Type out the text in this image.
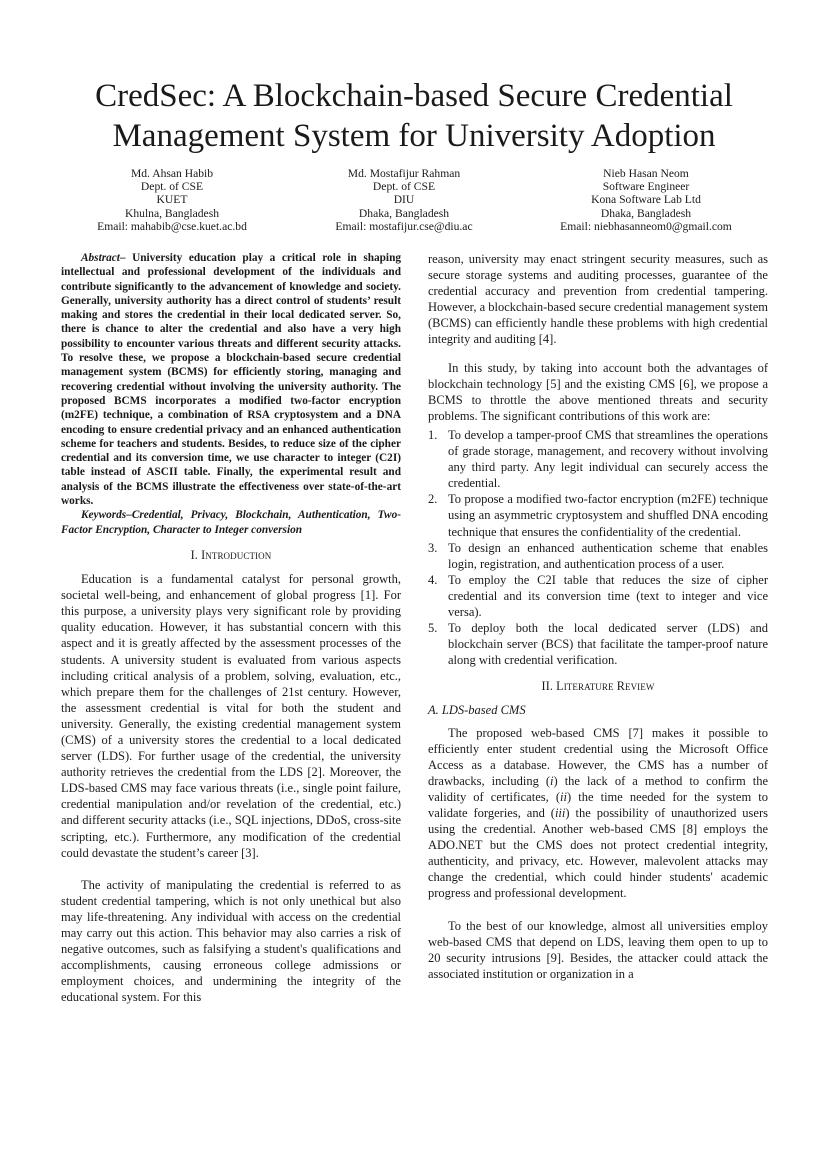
CredSec: A Blockchain-based Secure Credential
Management System for University Adoption
Md. Ahsan Habib
Dept. of CSE
KUET
Khulna, Bangladesh
Email: mahabib@cse.kuet.ac.bd
Md. Mostafijur Rahman
Dept. of CSE
DIU
Dhaka, Bangladesh
Email: mostafijur.cse@diu.ac
Nieb Hasan Neom
Software Engineer
Kona Software Lab Ltd
Dhaka, Bangladesh
Email: niebhasanneom0@gmail.com

Abstract– University education play a critical role in shaping intellectual and professional development of the individuals and contribute significantly to the advancement of knowledge and society. Generally, university authority has a direct control of students’ result making and stores the credential in their local dedicated server. So, there is chance to alter the credential and also have a very high possibility to encounter various threats and different security attacks. To resolve these, we propose a blockchain-based secure credential management system (BCMS) for efficiently storing, managing and recovering credential without involving the university authority. The proposed BCMS incorporates a modified two-factor encryption (m2FE) technique, a combination of RSA cryptosystem and a DNA encoding to ensure credential privacy and an enhanced authentication scheme for teachers and students. Besides, to reduce size of the cipher credential and its conversion time, we use character to integer (C2I) table instead of ASCII table. Finally, the experimental result and analysis of the BCMS illustrate the effectiveness over state-of-the-art works.

Keywords–Credential, Privacy, Blockchain, Authentication, Two-Factor Encryption, Character to Integer conversion

I. Introduction

Education is a fundamental catalyst for personal growth, societal well-being, and enhancement of global progress [1]. For this purpose, a university plays very significant role by providing quality education. However, it has substantial concern with this aspect and it is greatly affected by the assessment processes of the students. A university student is evaluated from various aspects including critical analysis of a problem, solving, evaluation, etc., which prepare them for the challenges of 21st century. However, the assessment credential is vital for both the student and university. Generally, the existing credential management system (CMS) of a university stores the credential to a local dedicated server (LDS). For further usage of the credential, the university authority retrieves the credential from the LDS [2]. Moreover, the LDS-based CMS may face various threats (i.e., single point failure, credential manipulation and/or revelation of the credential, etc.) and different security attacks (i.e., SQL injections, DDoS, cross-site scripting, etc.). Furthermore, any modification of the credential could devastate the student’s career [3].

The activity of manipulating the credential is referred to as student credential tampering, which is not only unethical but also may life-threatening. Any individual with access on the credential may carry out this action. This behavior may also carries a risk of negative outcomes, such as falsifying a student's qualifications and accomplishments, causing erroneous college admissions or employment choices, and undermining the integrity of the educational system. For this

reason, university may enact stringent security measures, such as secure storage systems and auditing processes, guarantee of the credential accuracy and prevention from credential tampering. However, a blockchain-based secure credential management system (BCMS) can efficiently handle these problems with high credential integrity and auditing [4].

In this study, by taking into account both the advantages of blockchain technology [5] and the existing CMS [6], we propose a BCMS to throttle the above mentioned threats and security problems. The significant contributions of this work are:

1. To develop a tamper-proof CMS that streamlines the operations of grade storage, management, and recovery without involving any third party. Any legit individual can securely access the credential.
2. To propose a modified two-factor encryption (m2FE) technique using an asymmetric cryptosystem and shuffled DNA encoding technique that ensures the confidentiality of the credential.
3. To design an enhanced authentication scheme that enables login, registration, and authentication process of a user.
4. To employ the C2I table that reduces the size of cipher credential and its conversion time (text to integer and vice versa).
5. To deploy both the local dedicated server (LDS) and blockchain server (BCS) that facilitate the tamper-proof nature along with credential verification.
II. Literature Review
A. LDS-based CMS

The proposed web-based CMS [7] makes it possible to efficiently enter student credential using the Microsoft Office Access as a database. However, the CMS has a number of drawbacks, including (i) the lack of a method to confirm the validity of certificates, (ii) the time needed for the system to validate forgeries, and (iii) the possibility of unauthorized users using the credential. Another web-based CMS [8] employs the ADO.NET but the CMS does not protect credential integrity, authenticity, and privacy, etc. However, malevolent attacks may change the credential, which could hinder students' academic progress and professional development.

To the best of our knowledge, almost all universities employ web-based CMS that depend on LDS, leaving them open to up to 20 security intrusions [9]. Besides, the attacker could attack the associated institution or organization in a
